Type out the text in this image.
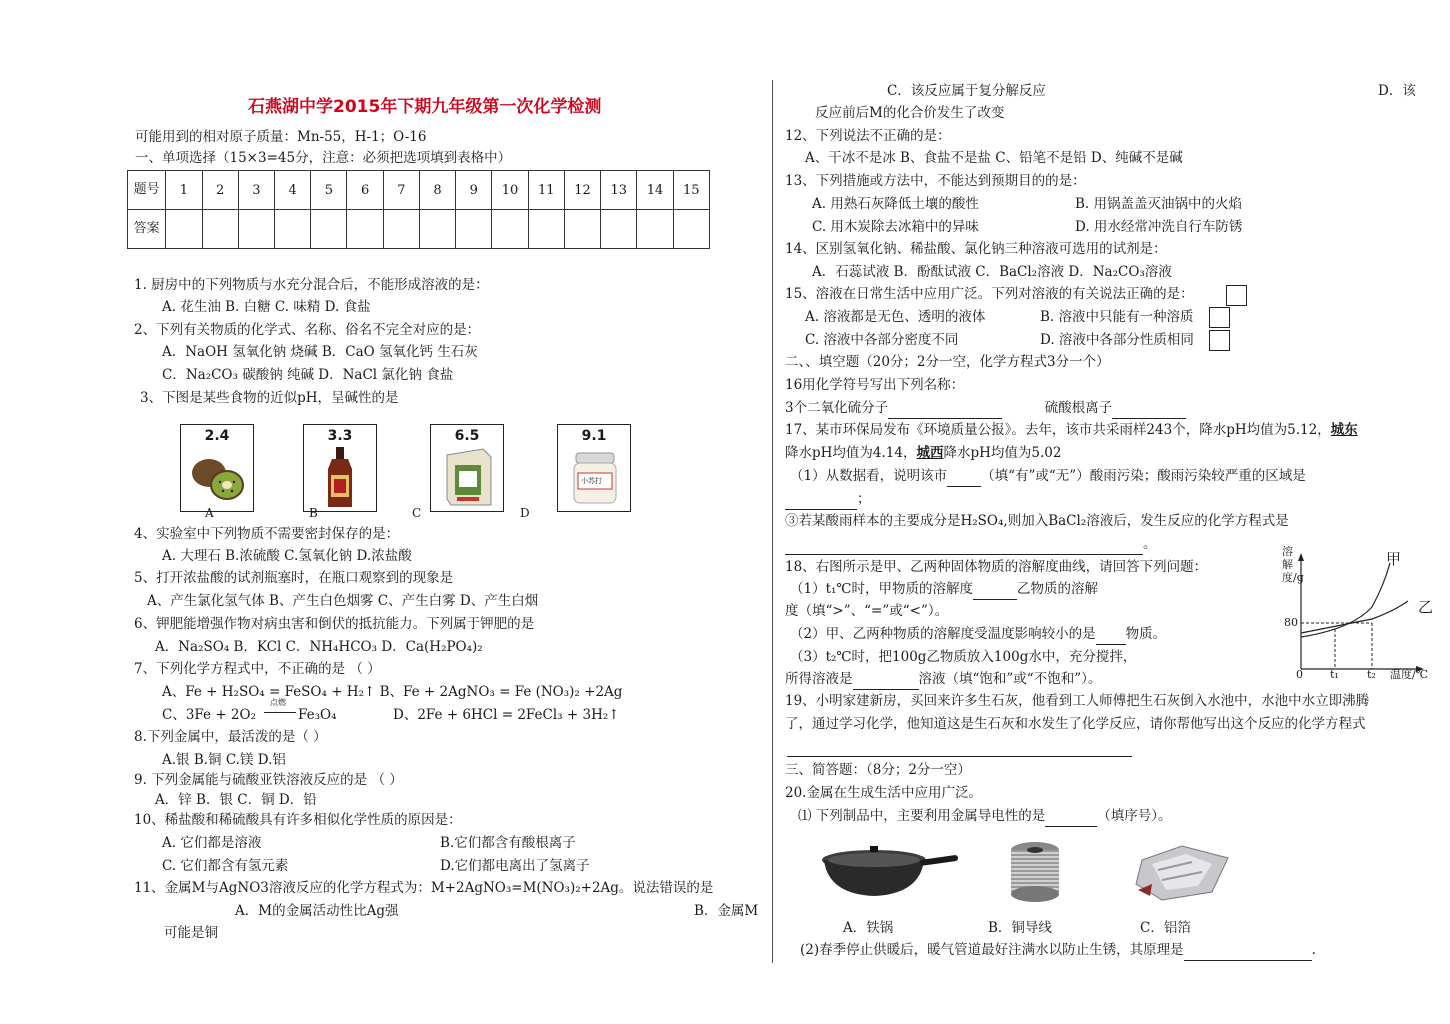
石燕湖中学2015年下期九年级第一次化学检测
可能用到的相对原子质量：Mn-55，H-1；O-16
一、单项选择（15×3=45分，注意：必须把选项填到表格中）
题号	1	2	3	4	5	6	7	8	9	10	11	12	13	14	15
答案															
1. 厨房中的下列物质与水充分混合后，不能形成溶液的是：
A. 花生油 B. 白糖 C. 味精 D. 食盐
2、下列有关物质的化学式、名称、俗名不完全对应的是：
A．NaOH 氢氧化钠 烧碱 B．CaO 氢氧化钙 生石灰
C．Na₂CO₃ 碳酸钠 纯碱 D．NaCl 氯化钠 食盐
3、下图是某些食物的近似pH，呈碱性的是
2.4
A
3.3
B
6.5
C
9.1
小苏打
D
4、实验室中下列物质不需要密封保存的是：
A. 大理石 B.浓硫酸 C.氢氧化钠 D.浓盐酸
5、打开浓盐酸的试剂瓶塞时，在瓶口观察到的现象是
A、产生氯化氢气体 B、产生白色烟雾 C、产生白雾 D、产生白烟
6、钾肥能增强作物对病虫害和倒伏的抵抗能力。下列属于钾肥的是
A．Na₂SO₄ B．KCl C．NH₄HCO₃ D．Ca(H₂PO₄)₂
7、下列化学方程式中，不正确的是 （ ）
A、Fe + H₂SO₄ = FeSO₄ + H₂↑ B、Fe + 2AgNO₃ = Fe (NO₃)₂ +2Ag
C、3Fe + 2O₂
点燃
Fe₃O₄	D、2Fe + 6HCl = 2FeCl₃ + 3H₂↑
8.下列金属中，最活泼的是（ ）
A.银 B.铜 C.镁 D.铝
9. 下列金属能与硫酸亚铁溶液反应的是 （ ）
A．锌 B．银 C．铜 D．铅
10、稀盐酸和稀硫酸具有许多相似化学性质的原因是：
A. 它们都是溶液	B.它们都含有酸根离子
C. 它们都含有氢元素	D.它们都电离出了氢离子
11、金属M与AgNO3溶液反应的化学方程式为：M+2AgNO₃=M(NO₃)₂+2Ag。说法错误的是
A．M的金属活动性比Ag强	B．金属M
可能是铜
C．该反应属于复分解反应	D．该
反应前后M的化合价发生了改变
12、下列说法不正确的是：
A、干冰不是冰 B、食盐不是盐 C、铅笔不是铅 D、纯碱不是碱
13、下列措施或方法中，不能达到预期目的的是：
A. 用熟石灰降低土壤的酸性	B. 用锅盖盖灭油锅中的火焰
C. 用木炭除去冰箱中的异味	D. 用水经常冲洗自行车防锈
14、区别氢氧化钠、稀盐酸、氯化钠三种溶液可选用的试剂是：
A．石蕊试液 B．酚酞试液 C．BaCl₂溶液 D．Na₂CO₃溶液
15、溶液在日常生活中应用广泛。下列对溶液的有关说法正确的是：
A. 溶液都是无色、透明的液体	B. 溶液中只能有一种溶质
C. 溶液中各部分密度不同	D. 溶液中各部分性质相同
二、、填空题（20分；2分一空，化学方程式3分一个）
16用化学符号写出下列名称：
3个二氧化硫分子	硫酸根离子
17、某市环保局发布《环境质量公报》。去年，该市共采雨样243个，降水pH均值为5.12，城东
降水pH均值为4.14，城西降水pH均值为5.02
（1）从数据看，说明该市	（填“有”或“无”）酸雨污染；酸雨污染较严重的区域是
；
③若某酸雨样本的主要成分是H₂SO₄,则加入BaCl₂溶液后，发生反应的化学方程式是
。
18、右图所示是甲、乙两种固体物质的溶解度曲线，请回答下列问题：
（1）t₁℃时，甲物质的溶解度	乙物质的溶解
度（填“>”、“=”或“<”）。
（2）甲、乙两种物质的溶解度受温度影响较小的是 物质。
（3）t₂℃时，把100g乙物质放入100g水中，充分搅拌，
所得溶液是	溶液（填“饱和”或“不饱和”）。
19、小明家建新房，买回来许多生石灰，他看到工人师傅把生石灰倒入水池中，水池中水立即沸腾
了，通过学习化学，他知道这是生石灰和水发生了化学反应，请你帮他写出这个反应的化学方程式
三、简答题：（8分；2分一空）
20.金属在生成生活中应用广泛。
⑴ 下列制品中，主要利用金属导电性的是	（填序号）。
A．铁锅	B．铜导线	C．铝箔
(2)春季停止供暖后，暖气管道最好注满水以防止生锈，其原理是	.
溶解度/g
80
0 t₁	t₂ 温度/℃
甲
乙
